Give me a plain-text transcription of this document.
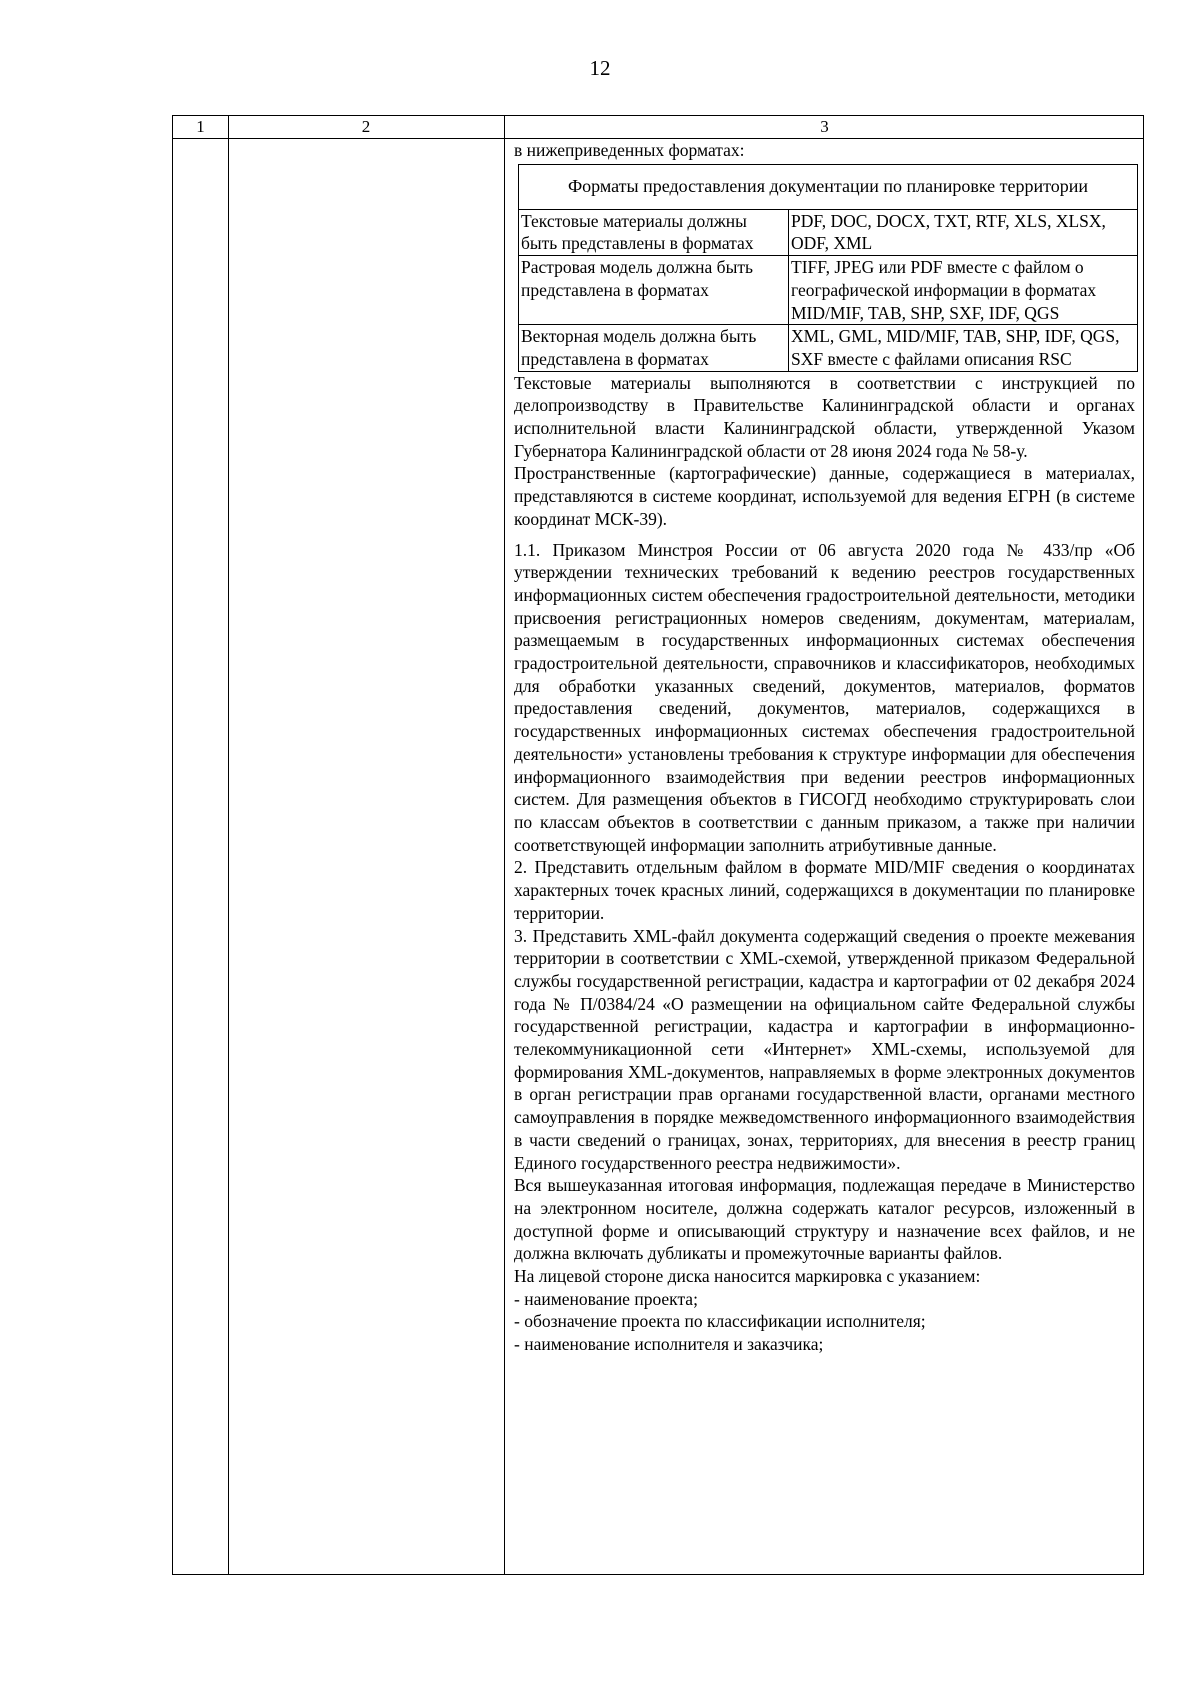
12
1	2	3

в нижеприведенных форматах:

Форматы предоставления документации по планировке территории	
Текстовые материалы должны быть представлены в форматах	PDF, DOC, DOCX, TXT, RTF, XLS, XLSX, ODF, XML
Растровая модель должна быть представлена в форматах	TIFF, JPEG или PDF вместе с файлом о географической информации в форматах MID/MIF, TAB, SHP, SXF, IDF, QGS
Векторная модель должна быть представлена в форматах	XML, GML, MID/MIF, TAB, SHP, IDF, QGS, SXF вместе с файлами описания RSC

Текстовые материалы выполняются в соответствии с инструкцией по делопроизводству в Правительстве Калининградской области и органах исполнительной власти Калининградской области, утвержденной Указом Губернатора Калининградской области от 28 июня 2024 года № 58-у.

Пространственные (картографические) данные, содержащиеся в материалах, представляются в системе координат, используемой для ведения ЕГРН (в системе координат МСК-39).

1.1. Приказом Минстроя России от 06 августа 2020 года № 433/пр «Об утверждении технических требований к ведению реестров государственных информационных систем обеспечения градостроительной деятельности, методики присвоения регистрационных номеров сведениям, документам, материалам, размещаемым в государственных информационных системах обеспечения градостроительной деятельности, справочников и классификаторов, необходимых для обработки указанных сведений, документов, материалов, форматов предоставления сведений, документов, материалов, содержащихся в государственных информационных системах обеспечения градостроительной деятельности» установлены требования к структуре информации для обеспечения информационного взаимодействия при ведении реестров информационных систем. Для размещения объектов в ГИСОГД необходимо структурировать слои по классам объектов в соответствии с данным приказом, а также при наличии соответствующей информации заполнить атрибутивные данные.

2. Представить отдельным файлом в формате MID/MIF сведения о координатах характерных точек красных линий, содержащихся в документации по планировке территории.

3. Представить XML-файл документа содержащий сведения о проекте межевания территории в соответствии с XML-схемой, утвержденной приказом Федеральной службы государственной регистрации, кадастра и картографии от 02 декабря 2024 года № П/0384/24 «О размещении на официальном сайте Федеральной службы государственной регистрации, кадастра и картографии в информационно-телекоммуникационной сети «Интернет» XML-схемы, используемой для формирования XML-документов, направляемых в форме электронных документов в орган регистрации прав органами государственной власти, органами местного самоуправления в порядке межведомственного информационного взаимодействия в части сведений о границах, зонах, территориях, для внесения в реестр границ Единого государственного реестра недвижимости».

Вся вышеуказанная итоговая информация, подлежащая передаче в Министерство на электронном носителе, должна содержать каталог ресурсов, изложенный в доступной форме и описывающий структуру и назначение всех файлов, и не должна включать дубликаты и промежуточные варианты файлов.

На лицевой стороне диска наносится маркировка с указанием:

- наименование проекта;

- обозначение проекта по классификации исполнителя;

- наименование исполнителя и заказчика;
